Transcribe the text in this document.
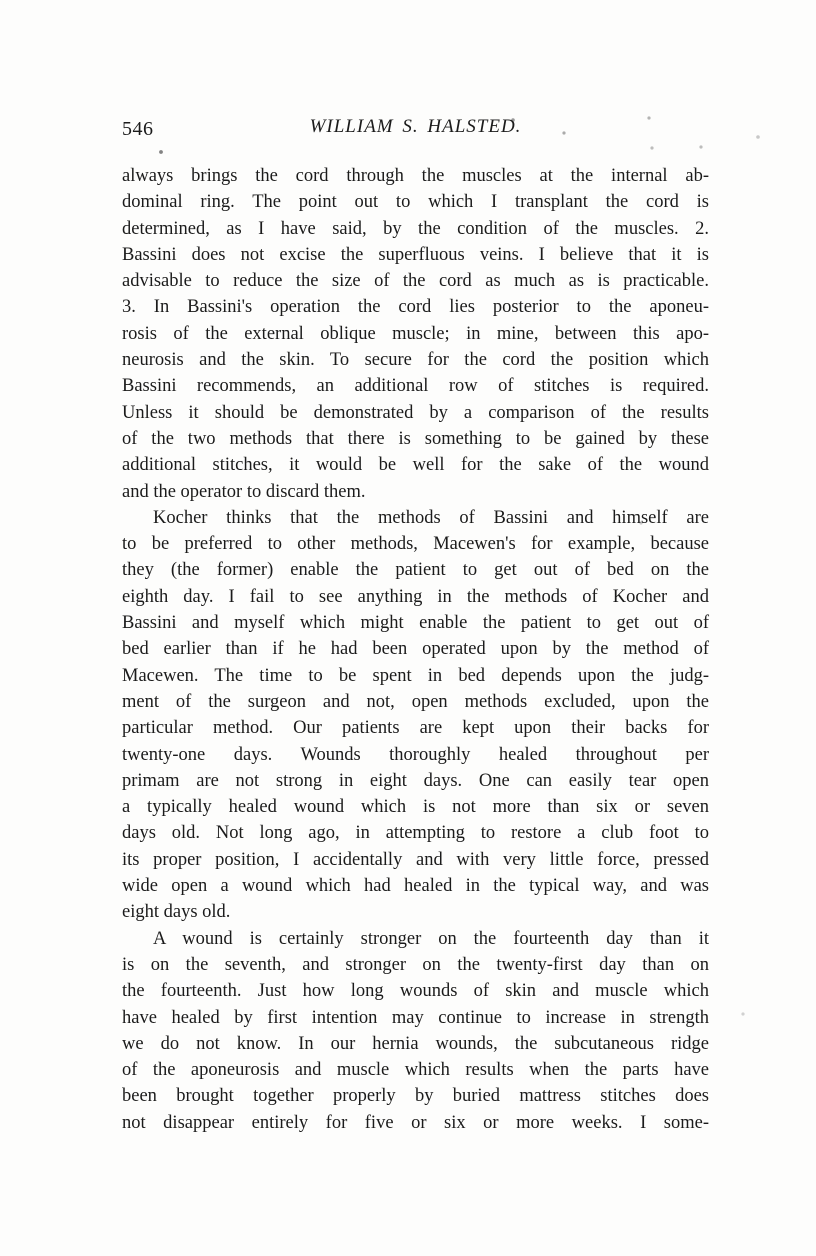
546	WILLIAM S. HALSTED.
always brings the cord through the muscles at the internal ab-
dominal ring. The point out to which I transplant the cord is
determined, as I have said, by the condition of the muscles. 2.
Bassini does not excise the superfluous veins. I believe that it is
advisable to reduce the size of the cord as much as is practicable.
3. In Bassini's operation the cord lies posterior to the aponeu-
rosis of the external oblique muscle; in mine, between this apo-
neurosis and the skin. To secure for the cord the position which
Bassini recommends, an additional row of stitches is required.
Unless it should be demonstrated by a comparison of the results
of the two methods that there is something to be gained by these
additional stitches, it would be well for the sake of the wound
and the operator to discard them.
Kocher thinks that the methods of Bassini and himself are
to be preferred to other methods, Macewen's for example, because
they (the former) enable the patient to get out of bed on the
eighth day. I fail to see anything in the methods of Kocher and
Bassini and myself which might enable the patient to get out of
bed earlier than if he had been operated upon by the method of
Macewen. The time to be spent in bed depends upon the judg-
ment of the surgeon and not, open methods excluded, upon the
particular method. Our patients are kept upon their backs for
twenty-one days. Wounds thoroughly healed throughout per
primam are not strong in eight days. One can easily tear open
a typically healed wound which is not more than six or seven
days old. Not long ago, in attempting to restore a club foot to
its proper position, I accidentally and with very little force, pressed
wide open a wound which had healed in the typical way, and was
eight days old.
A wound is certainly stronger on the fourteenth day than it
is on the seventh, and stronger on the twenty-first day than on
the fourteenth. Just how long wounds of skin and muscle which
have healed by first intention may continue to increase in strength
we do not know. In our hernia wounds, the subcutaneous ridge
of the aponeurosis and muscle which results when the parts have
been brought together properly by buried mattress stitches does
not disappear entirely for five or six or more weeks. I some-
